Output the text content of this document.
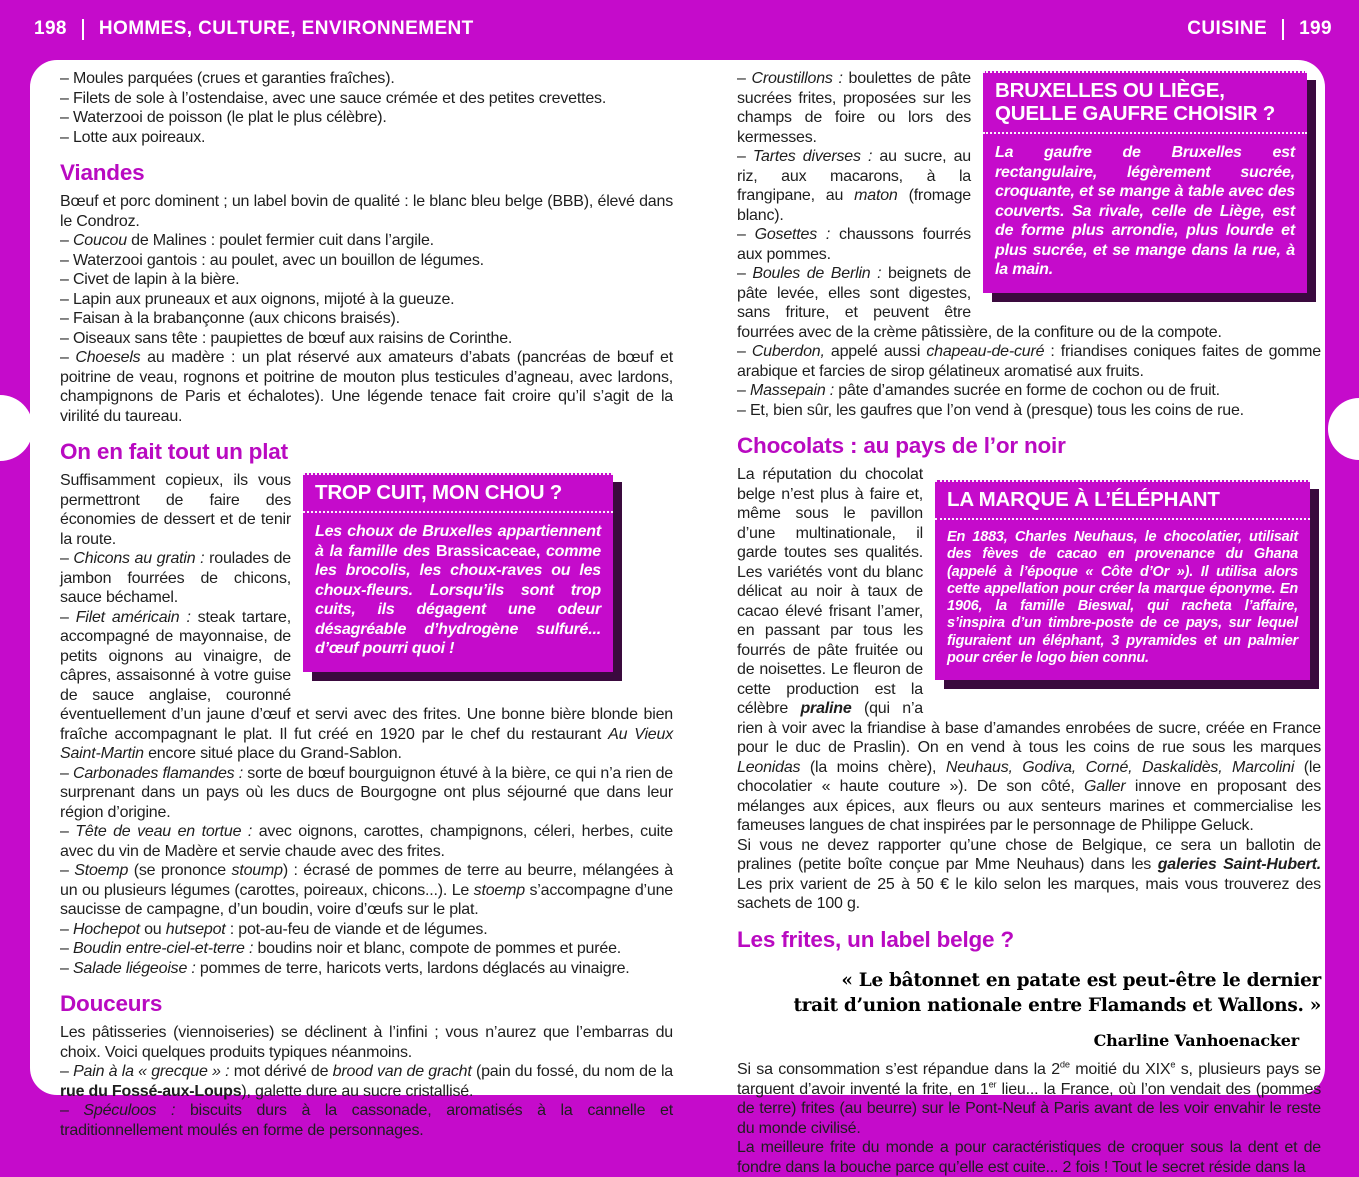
198 HOMMES, CULTURE, ENVIRONNEMENT	CUISINE 199

– Moules parquées (crues et garanties fraîches).

– Filets de sole à l’ostendaise, avec une sauce crémée et des petites crevettes.

– Waterzooi de poisson (le plat le plus célèbre).

– Lotte aux poireaux.

Viandes

Bœuf et porc dominent ; un label bovin de qualité : le blanc bleu belge (BBB), élevé dans le Condroz.

– Coucou de Malines : poulet fermier cuit dans l’argile.

– Waterzooi gantois : au poulet, avec un bouillon de légumes.

– Civet de lapin à la bière.

– Lapin aux pruneaux et aux oignons, mijoté à la gueuze.

– Faisan à la brabançonne (aux chicons braisés).

– Oiseaux sans tête : paupiettes de bœuf aux raisins de Corinthe.

– Choesels au madère : un plat réservé aux amateurs d’abats (pancréas de bœuf et poitrine de veau, rognons et poitrine de mouton plus testicules d’agneau, avec lardons, champignons de Paris et échalotes). Une légende tenace fait croire qu’il s’agit de la virilité du taureau.

On en fait tout un plat
TROP CUIT, MON CHOU ?
Les choux de Bruxelles appartiennent à la famille des Brassicaceae, comme les brocolis, les choux-raves ou les choux-fleurs. Lorsqu’ils sont trop cuits, ils dégagent une odeur désagréable d’hydrogène sulfuré... d’œuf pourri quoi !

Suffisamment copieux, ils vous permettront de faire des économies de dessert et de tenir la route.

– Chicons au gratin : roulades de jambon fourrées de chicons, sauce béchamel.

– Filet américain : steak tartare, accompagné de mayonnaise, de petits oignons au vinaigre, de câpres, assaisonné à votre guise de sauce anglaise, couronné éventuellement d’un jaune d’œuf et servi avec des frites. Une bonne bière blonde bien fraîche accompagnant le plat. Il fut créé en 1920 par le chef du restaurant Au Vieux Saint-Martin encore situé place du Grand-Sablon.

– Carbonades flamandes : sorte de bœuf bourguignon étuvé à la bière, ce qui n’a rien de surprenant dans un pays où les ducs de Bourgogne ont plus séjourné que dans leur région d’origine.

– Tête de veau en tortue : avec oignons, carottes, champignons, céleri, herbes, cuite avec du vin de Madère et servie chaude avec des frites.

– Stoemp (se prononce stoump) : écrasé de pommes de terre au beurre, mélangées à un ou plusieurs légumes (carottes, poireaux, chicons...). Le stoemp s’accompagne d’une saucisse de campagne, d’un boudin, voire d’œufs sur le plat.

– Hochepot ou hutsepot : pot-au-feu de viande et de légumes.

– Boudin entre-ciel-et-terre : boudins noir et blanc, compote de pommes et purée.

– Salade liégeoise : pommes de terre, haricots verts, lardons déglacés au vinaigre.

Douceurs

Les pâtisseries (viennoiseries) se déclinent à l’infini ; vous n’aurez que l’embarras du choix. Voici quelques produits typiques néanmoins.

– Pain à la « grecque » : mot dérivé de brood van de gracht (pain du fossé, du nom de la rue du Fossé-aux-Loups), galette dure au sucre cristallisé.

– Spéculoos : biscuits durs à la cassonade, aromatisés à la cannelle et traditionnellement moulés en forme de personnages.

BRUXELLES OU LIÈGE,
QUELLE GAUFRE CHOISIR ?
La gaufre de Bruxelles est rectangulaire, légèrement sucrée, croquante, et se mange à table avec des couverts. Sa rivale, celle de Liège, est de forme plus arrondie, plus lourde et plus sucrée, et se mange dans la rue, à la main.

– Croustillons : boulettes de pâte sucrées frites, proposées sur les champs de foire ou lors des kermesses.

– Tartes diverses : au sucre, au riz, aux macarons, à la frangipane, au maton (fromage blanc).

– Gosettes : chaussons fourrés aux pommes.

– Boules de Berlin : beignets de pâte levée, elles sont digestes, sans friture, et peuvent être fourrées avec de la crème pâtissière, de la confiture ou de la compote.

– Cuberdon, appelé aussi chapeau-de-curé : friandises coniques faites de gomme arabique et farcies de sirop gélatineux aromatisé aux fruits.

– Massepain : pâte d’amandes sucrée en forme de cochon ou de fruit.

– Et, bien sûr, les gaufres que l’on vend à (presque) tous les coins de rue.

Chocolats : au pays de l’or noir
LA MARQUE À L’ÉLÉPHANT
En 1883, Charles Neuhaus, le chocolatier, utilisait des fèves de cacao en provenance du Ghana (appelé à l’époque « Côte d’Or »). Il utilisa alors cette appellation pour créer la marque éponyme. En 1906, la famille Bieswal, qui racheta l’affaire, s’inspira d’un timbre-poste de ce pays, sur lequel figuraient un éléphant, 3 pyramides et un palmier pour créer le logo bien connu.

La réputation du chocolat belge n’est plus à faire et, même sous le pavillon d’une multinationale, il garde toutes ses qualités. Les variétés vont du blanc délicat au noir à taux de cacao élevé frisant l’amer, en passant par tous les fourrés de pâte fruitée ou de noisettes. Le fleuron de cette production est la célèbre praline (qui n’a rien à voir avec la friandise à base d’amandes enrobées de sucre, créée en France pour le duc de Praslin). On en vend à tous les coins de rue sous les marques Leonidas (la moins chère), Neuhaus, Godiva, Corné, Daskalidès, Marcolini (le chocolatier « haute couture »). De son côté, Galler innove en proposant des mélanges aux épices, aux fleurs ou aux senteurs marines et commercialise les fameuses langues de chat inspirées par le personnage de Philippe Geluck.

Si vous ne devez rapporter qu’une chose de Belgique, ce sera un ballotin de pralines (petite boîte conçue par Mme Neuhaus) dans les galeries Saint-Hubert. Les prix varient de 25 à 50 € le kilo selon les marques, mais vous trouverez des sachets de 100 g.

Les frites, un label belge ?
« Le bâtonnet en patate est peut-être le dernier
trait d’union nationale entre Flamands et Wallons. »
Charline Vanhoenacker

Si sa consommation s’est répandue dans la 2de moitié du XIXe s, plusieurs pays se targuent d’avoir inventé la frite, en 1er lieu... la France, où l’on vendait des (pommes de terre) frites (au beurre) sur le Pont-Neuf à Paris avant de les voir envahir le reste du monde civilisé.

La meilleure frite du monde a pour caractéristiques de croquer sous la dent et de fondre dans la bouche parce qu’elle est cuite... 2 fois ! Tout le secret réside dans la
